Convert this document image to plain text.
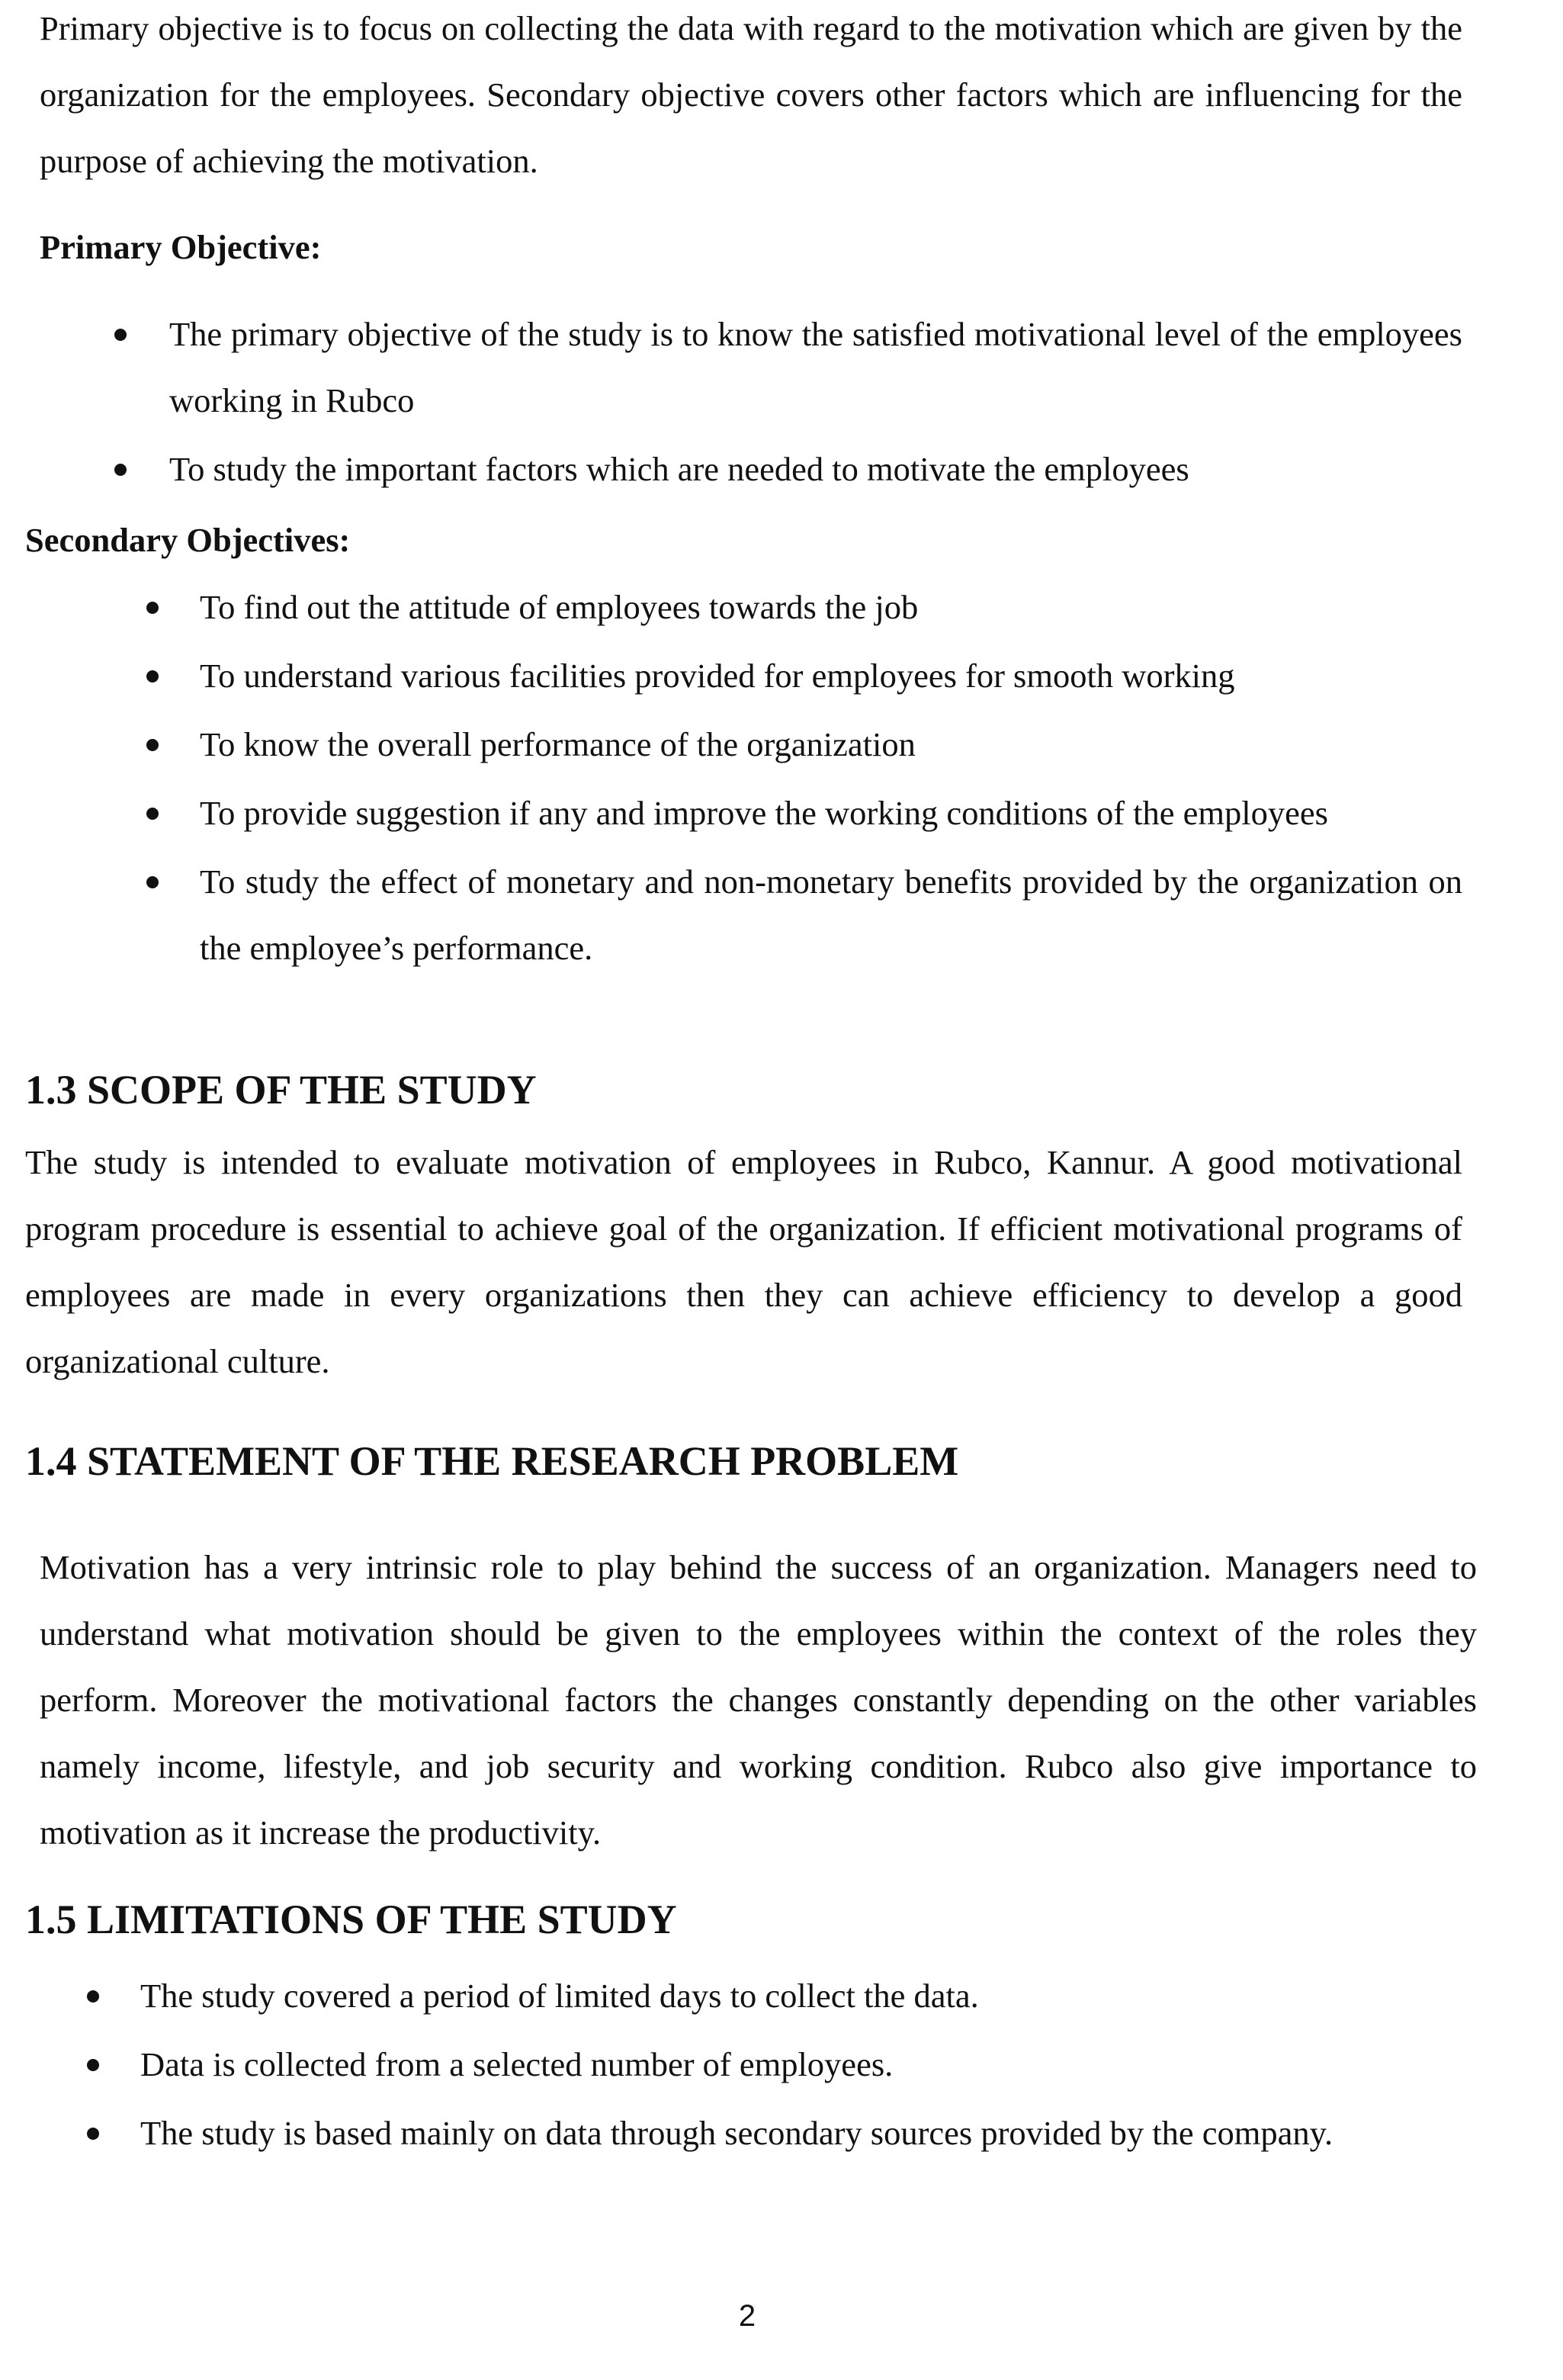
Primary objective is to focus on collecting the data with regard to the motivation which are given by the organization for the employees. Secondary objective covers other factors which are influencing for the purpose of achieving the motivation.

Primary Objective:

The primary objective of the study is to know the satisfied motivational level of the employees working in Rubco
To study the important factors which are needed to motivate the employees

Secondary Objectives:

To find out the attitude of employees towards the job
To understand various facilities provided for employees for smooth working
To know the overall performance of the organization
To provide suggestion if any and improve the working conditions of the employees
To study the effect of monetary and non-monetary benefits provided by the organization on the employee’s performance.
1.3 SCOPE OF THE STUDY

The study is intended to evaluate motivation of employees in Rubco, Kannur. A good motivational program procedure is essential to achieve goal of the organization. If efficient motivational programs of employees are made in every organizations then they can achieve efficiency to develop a good organizational culture.

1.4 STATEMENT OF THE RESEARCH PROBLEM

Motivation has a very intrinsic role to play behind the success of an organization. Managers need to understand what motivation should be given to the employees within the context of the roles they perform. Moreover the motivational factors the changes constantly depending on the other variables namely income, lifestyle, and job security and working condition. Rubco also give importance to motivation as it increase the productivity.

1.5 LIMITATIONS OF THE STUDY
The study covered a period of limited days to collect the data.
Data is collected from a selected number of employees.
The study is based mainly on data through secondary sources provided by the company.

2
